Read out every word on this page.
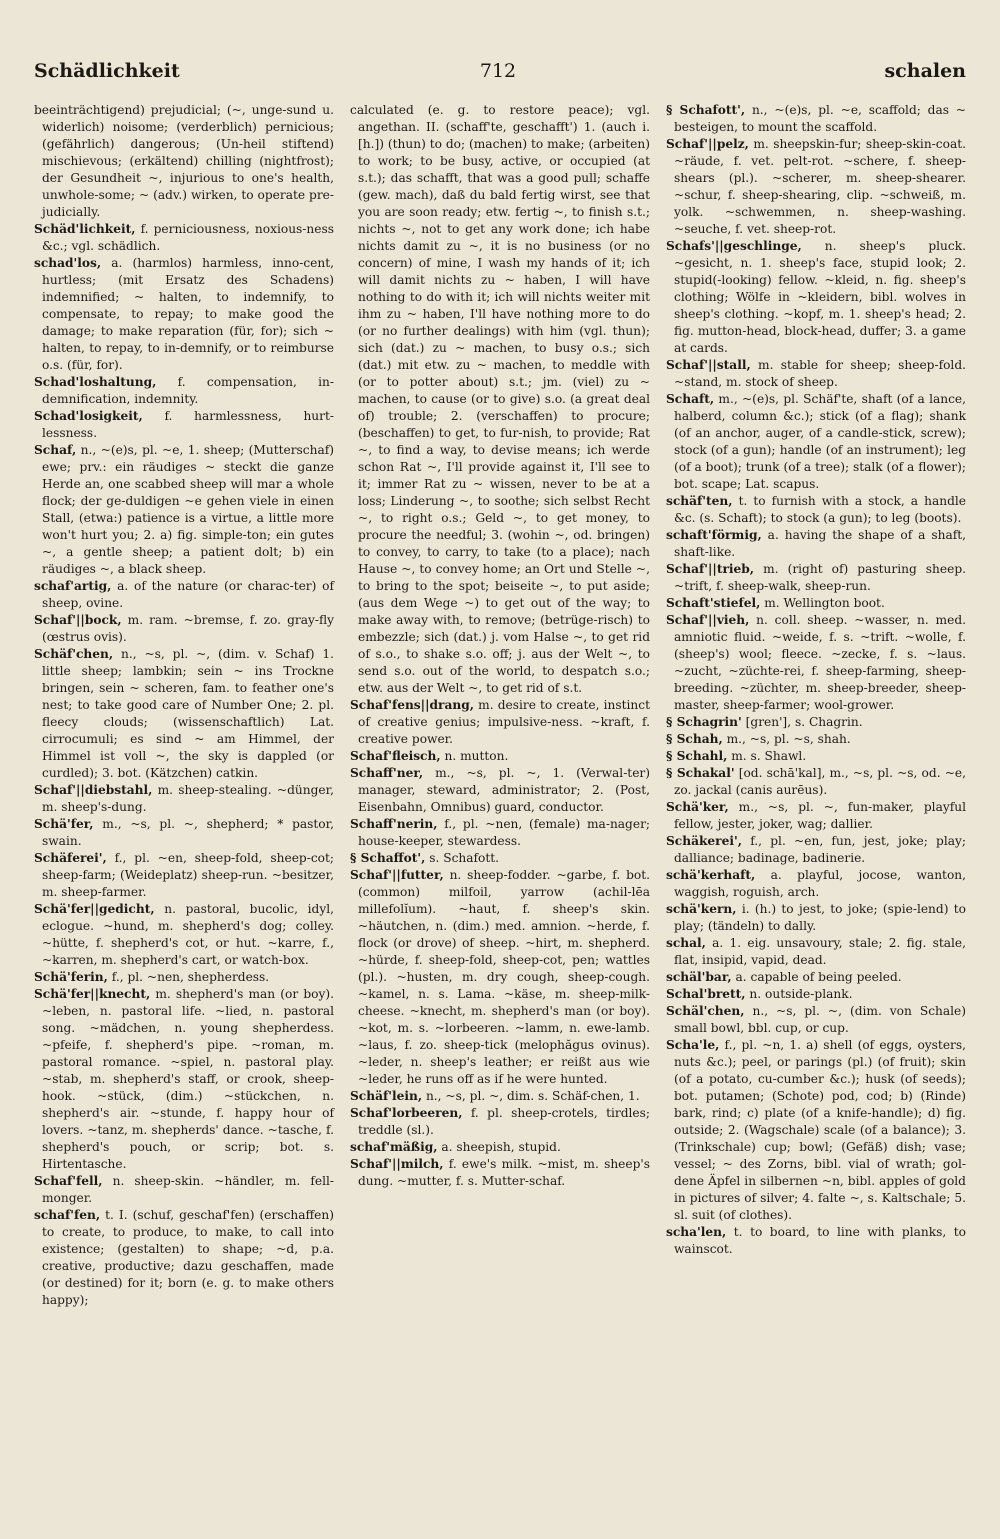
Schädlichkeit	712	schalen

beeinträchtigend) prejudicial; (~, unge-sund u. widerlich) noisome; (verderblich) pernicious; (gefährlich) dangerous; (Un-heil stiftend) mischievous; (erkältend) chilling (nightfrost); der Gesundheit ~, injurious to one's health, unwhole-some; ~ (adv.) wirken, to operate pre-judicially.

Schäd'lichkeit, f. perniciousness, noxious-ness &c.; vgl. schädlich.

schad'los, a. (harmlos) harmless, inno-cent, hurtless; (mit Ersatz des Schadens) indemnified; ~ halten, to indemnify, to compensate, to repay; to make good the damage; to make reparation (für, for); sich ~ halten, to repay, to in-demnify, or to reimburse o.s. (für, for).

Schad'loshaltung, f. compensation, in-demnification, indemnity.

Schad'losigkeit, f. harmlessness, hurt-lessness.

Schaf, n., ~(e)s, pl. ~e, 1. sheep; (Mutterschaf) ewe; prv.: ein räudiges ~ steckt die ganze Herde an, one scabbed sheep will mar a whole flock; der ge-duldigen ~e gehen viele in einen Stall, (etwa:) patience is a virtue, a little more won't hurt you; 2. a) fig. simple-ton; ein gutes ~, a gentle sheep; a patient dolt; b) ein räudiges ~, a black sheep.

schaf'artig, a. of the nature (or charac-ter) of sheep, ovine.

Schaf'||bock, m. ram. ~bremse, f. zo. gray-fly (œstrus ovis).

Schäf'chen, n., ~s, pl. ~, (dim. v. Schaf) 1. little sheep; lambkin; sein ~ ins Trockne bringen, sein ~ scheren, fam. to feather one's nest; to take good care of Number One; 2. pl. fleecy clouds; (wissenschaftlich) Lat. cirrocumuli; es sind ~ am Himmel, der Himmel ist voll ~, the sky is dappled (or curdled); 3. bot. (Kätzchen) catkin.

Schaf'||diebstahl, m. sheep-stealing. ~dünger, m. sheep's-dung.

Schä'fer, m., ~s, pl. ~, shepherd; * pastor, swain.

Schäferei', f., pl. ~en, sheep-fold, sheep-cot; sheep-farm; (Weideplatz) sheep-run. ~besitzer, m. sheep-farmer.

Schä'fer||gedicht, n. pastoral, bucolic, idyl, eclogue. ~hund, m. shepherd's dog; colley. ~hütte, f. shepherd's cot, or hut. ~karre, f., ~karren, m. shepherd's cart, or watch-box.

Schä'ferin, f., pl. ~nen, shepherdess.

Schä'fer||knecht, m. shepherd's man (or boy). ~leben, n. pastoral life. ~lied, n. pastoral song. ~mädchen, n. young shepherdess. ~pfeife, f. shepherd's pipe. ~roman, m. pastoral romance. ~spiel, n. pastoral play. ~stab, m. shepherd's staff, or crook, sheep-hook. ~stück, (dim.) ~stückchen, n. shepherd's air. ~stunde, f. happy hour of lovers. ~tanz, m. shepherds' dance. ~tasche, f. shepherd's pouch, or scrip; bot. s. Hirtentasche.

Schaf'fell, n. sheep-skin. ~händler, m. fell-monger.

schaf'fen, t. I. (schuf, geschaf'fen) (erschaffen) to create, to produce, to make, to call into existence; (gestalten) to shape; ~d, p.a. creative, productive; dazu geschaffen, made (or destined) for it; born (e. g. to make others happy);

calculated (e. g. to restore peace); vgl. angethan. II. (schaff'te, geschafft') 1. (auch i. [h.]) (thun) to do; (machen) to make; (arbeiten) to work; to be busy, active, or occupied (at s.t.); das schafft, that was a good pull; schaffe (gew. mach), daß du bald fertig wirst, see that you are soon ready; etw. fertig ~, to finish s.t.; nichts ~, not to get any work done; ich habe nichts damit zu ~, it is no business (or no concern) of mine, I wash my hands of it; ich will damit nichts zu ~ haben, I will have nothing to do with it; ich will nichts weiter mit ihm zu ~ haben, I'll have nothing more to do (or no further dealings) with him (vgl. thun); sich (dat.) zu ~ machen, to busy o.s.; sich (dat.) mit etw. zu ~ machen, to meddle with (or to potter about) s.t.; jm. (viel) zu ~ machen, to cause (or to give) s.o. (a great deal of) trouble; 2. (verschaffen) to procure; (beschaffen) to get, to fur-nish, to provide; Rat ~, to find a way, to devise means; ich werde schon Rat ~, I'll provide against it, I'll see to it; immer Rat zu ~ wissen, never to be at a loss; Linderung ~, to soothe; sich selbst Recht ~, to right o.s.; Geld ~, to get money, to procure the needful; 3. (wohin ~, od. bringen) to convey, to carry, to take (to a place); nach Hause ~, to convey home; an Ort und Stelle ~, to bring to the spot; beiseite ~, to put aside; (aus dem Wege ~) to get out of the way; to make away with, to remove; (betrüge-risch) to embezzle; sich (dat.) j. vom Halse ~, to get rid of s.o., to shake s.o. off; j. aus der Welt ~, to send s.o. out of the world, to despatch s.o.; etw. aus der Welt ~, to get rid of s.t.

Schaf'fens||drang, m. desire to create, instinct of creative genius; impulsive-ness. ~kraft, f. creative power.

Schaf'fleisch, n. mutton.

Schaff'ner, m., ~s, pl. ~, 1. (Verwal-ter) manager, steward, administrator; 2. (Post, Eisenbahn, Omnibus) guard, conductor.

Schaff'nerin, f., pl. ~nen, (female) ma-nager; house-keeper, stewardess.

§ Schaffot', s. Schafott.

Schaf'||futter, n. sheep-fodder. ~garbe, f. bot. (common) milfoil, yarrow (achil-lēa millefolĭum). ~haut, f. sheep's skin. ~häutchen, n. (dim.) med. amnion. ~herde, f. flock (or drove) of sheep. ~hirt, m. shepherd. ~hürde, f. sheep-fold, sheep-cot, pen; wattles (pl.). ~husten, m. dry cough, sheep-cough. ~kamel, n. s. Lama. ~käse, m. sheep-milk-cheese. ~knecht, m. shepherd's man (or boy). ~kot, m. s. ~lorbeeren. ~lamm, n. ewe-lamb. ~laus, f. zo. sheep-tick (melophăgus ovinus). ~leder, n. sheep's leather; er reißt aus wie ~leder, he runs off as if he were hunted.

Schäf'lein, n., ~s, pl. ~, dim. s. Schäf-chen, 1.

Schaf'lorbeeren, f. pl. sheep-crotels, tirdles; treddle (sl.).

schaf'mäßig, a. sheepish, stupid.

Schaf'||milch, f. ewe's milk. ~mist, m. sheep's dung. ~mutter, f. s. Mutter-schaf.

§ Schafott', n., ~(e)s, pl. ~e, scaffold; das ~ besteigen, to mount the scaffold.

Schaf'||pelz, m. sheepskin-fur; sheep-skin-coat. ~räude, f. vet. pelt-rot. ~schere, f. sheep-shears (pl.). ~scherer, m. sheep-shearer. ~schur, f. sheep-shearing, clip. ~schweiß, m. yolk. ~schwemmen, n. sheep-washing. ~seuche, f. vet. sheep-rot.

Schafs'||geschlinge, n. sheep's pluck. ~gesicht, n. 1. sheep's face, stupid look; 2. stupid(-looking) fellow. ~kleid, n. fig. sheep's clothing; Wölfe in ~kleidern, bibl. wolves in sheep's clothing. ~kopf, m. 1. sheep's head; 2. fig. mutton-head, block-head, duffer; 3. a game at cards.

Schaf'||stall, m. stable for sheep; sheep-fold. ~stand, m. stock of sheep.

Schaft, m., ~(e)s, pl. Schäf'te, shaft (of a lance, halberd, column &c.); stick (of a flag); shank (of an anchor, auger, of a candle-stick, screw); stock (of a gun); handle (of an instrument); leg (of a boot); trunk (of a tree); stalk (of a flower); bot. scape; Lat. scapus.

schäf'ten, t. to furnish with a stock, a handle &c. (s. Schaft); to stock (a gun); to leg (boots).

schaft'förmig, a. having the shape of a shaft, shaft-like.

Schaf'||trieb, m. (right of) pasturing sheep. ~trift, f. sheep-walk, sheep-run.

Schaft'stiefel, m. Wellington boot.

Schaf'||vieh, n. coll. sheep. ~wasser, n. med. amniotic fluid. ~weide, f. s. ~trift. ~wolle, f. (sheep's) wool; fleece. ~zecke, f. s. ~laus. ~zucht, ~züchte-rei, f. sheep-farming, sheep-breeding. ~züchter, m. sheep-breeder, sheep-master, sheep-farmer; wool-grower.

§ Schagrin' [gren'], s. Chagrin.

§ Schah, m., ~s, pl. ~s, shah.

§ Schahl, m. s. Shawl.

§ Schakal' [od. schā'kal], m., ~s, pl. ~s, od. ~e, zo. jackal (canis aurēus).

Schä'ker, m., ~s, pl. ~, fun-maker, playful fellow, jester, joker, wag; dallier.

Schäkerei', f., pl. ~en, fun, jest, joke; play; dalliance; badinage, badinerie.

schä'kerhaft, a. playful, jocose, wanton, waggish, roguish, arch.

schä'kern, i. (h.) to jest, to joke; (spie-lend) to play; (tändeln) to dally.

schal, a. 1. eig. unsavoury, stale; 2. fig. stale, flat, insipid, vapid, dead.

schäl'bar, a. capable of being peeled.

Schal'brett, n. outside-plank.

Schäl'chen, n., ~s, pl. ~, (dim. von Schale) small bowl, bbl. cup, or cup.

Scha'le, f., pl. ~n, 1. a) shell (of eggs, oysters, nuts &c.); peel, or parings (pl.) (of fruit); skin (of a potato, cu-cumber &c.); husk (of seeds); bot. putamen; (Schote) pod, cod; b) (Rinde) bark, rind; c) plate (of a knife-handle); d) fig. outside; 2. (Wagschale) scale (of a balance); 3. (Trinkschale) cup; bowl; (Gefäß) dish; vase; vessel; ~ des Zorns, bibl. vial of wrath; gol-dene Äpfel in silbernen ~n, bibl. apples of gold in pictures of silver; 4. falte ~, s. Kaltschale; 5. sl. suit (of clothes).

scha'len, t. to board, to line with planks, to wainscot.
